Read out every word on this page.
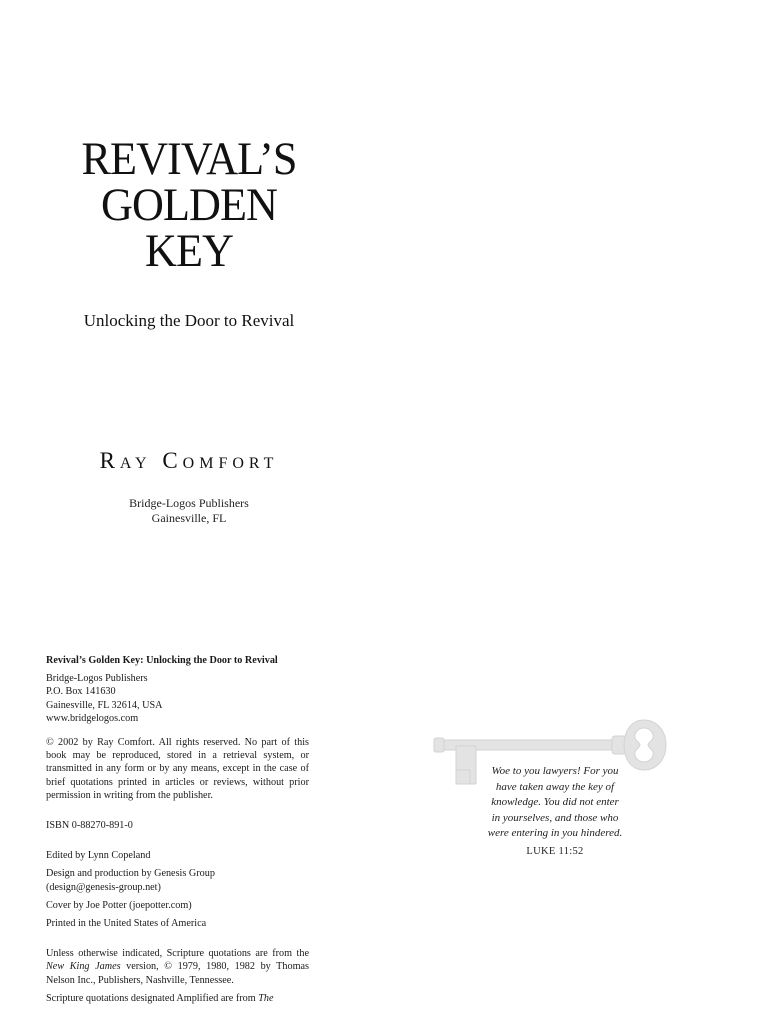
REVIVAL’S
GOLDEN
KEY
Unlocking the Door to Revival
Ray Comfort
Bridge-Logos Publishers
Gainesville, FL
Revival’s Golden Key: Unlocking the Door to Revival
Bridge-Logos Publishers
P.O. Box 141630
Gainesville, FL 32614, USA
www.bridgelogos.com

© 2002 by Ray Comfort. All rights reserved. No part of this book may be reproduced, stored in a retrieval system, or transmitted in any form or by any means, except in the case of brief quotations printed in articles or reviews, without prior permission in writing from the publisher.

ISBN 0-88270-891-0
Edited by Lynn Copeland
Design and production by Genesis Group
(design@genesis-group.net)
Cover by Joe Potter (joepotter.com)
Printed in the United States of America

Unless otherwise indicated, Scripture quotations are from the New King James version, © 1979, 1980, 1982 by Thomas Nelson Inc., Publishers, Nashville, Tennessee.

Scripture quotations designated Amplified are from The

Woe to you lawyers! For you
have taken away the key of
knowledge. You did not enter
in yourselves, and those who
were entering in you hindered.
LUKE 11:52
